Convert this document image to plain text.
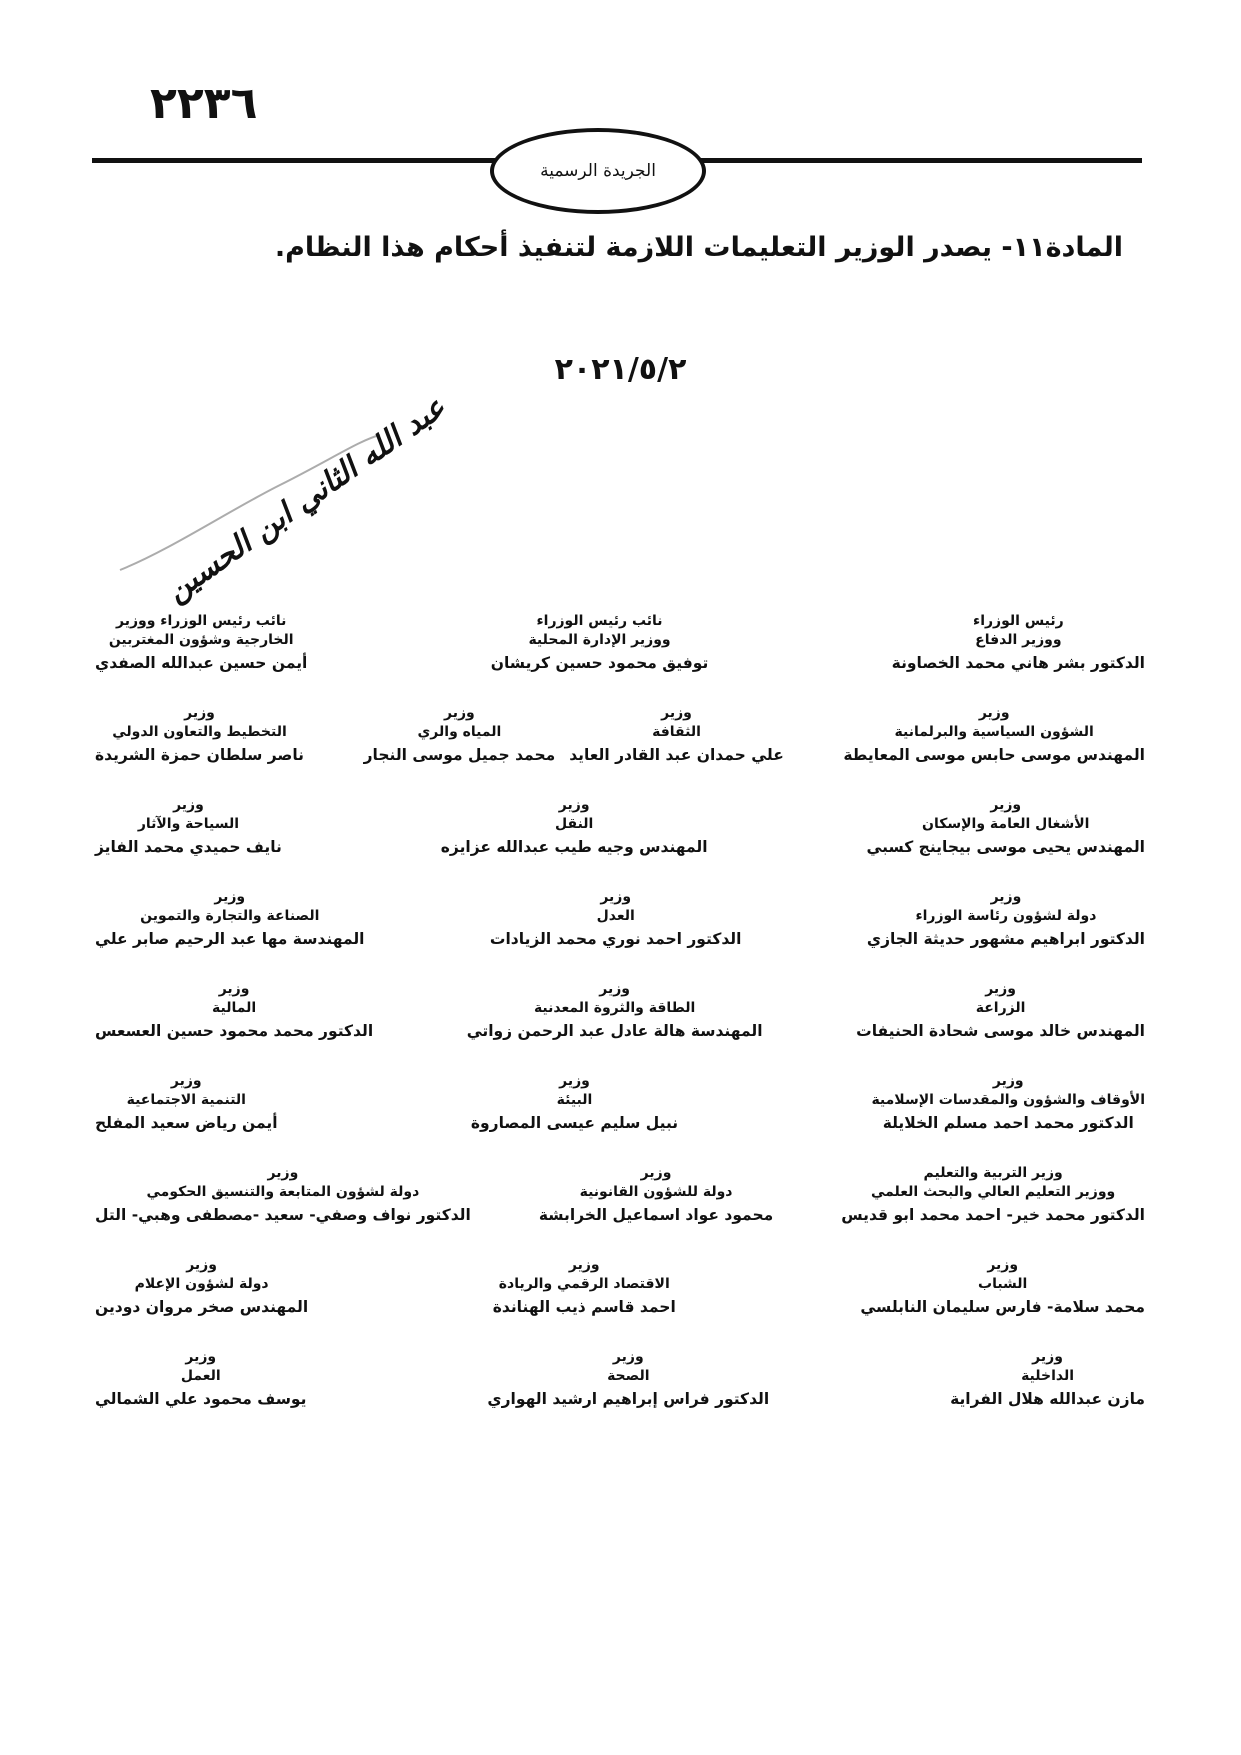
٢٢٣٦
الجريدة الرسمية
المادة١١- يصدر الوزير التعليمات اللازمة لتنفيذ أحكام هذا النظام.
٢٠٢١/٥/٢
عبد الله الثاني ابن الحسين
نائب رئيس الوزراء ووزير
الخارجية وشؤون المغتربين
أيمن حسين عبدالله الصفدي
نائب رئيس الوزراء
ووزير الإدارة المحلية
توفيق محمود حسين كريشان
رئيس الوزراء
ووزير الدفاع
الدكتور بشر هاني محمد الخصاونة
وزير
التخطيط والتعاون الدولي
ناصر سلطان حمزة الشريدة
وزير
الثقافة
علي حمدان عبد القادر العايد
وزير
المياه والري
محمد جميل موسى النجار
وزير
الشؤون السياسية والبرلمانية
المهندس موسى حابس موسى المعايطة
وزير
السياحة والآثار
نايف حميدي محمد الفايز
وزير
النقل
المهندس وجيه طيب عبدالله عزايزه
وزير
الأشغال العامة والإسكان
المهندس يحيى موسى بيجاينج كسبي
وزير
الصناعة والتجارة والتموين
المهندسة مها عبد الرحيم صابر علي
وزير
العدل
الدكتور احمد نوري محمد الزيادات
وزير
دولة لشؤون رئاسة الوزراء
الدكتور ابراهيم مشهور حديثة الجازي
وزير
المالية
الدكتور محمد محمود حسين العسعس
وزير
الطاقة والثروة المعدنية
المهندسة هالة عادل عبد الرحمن زواتي
وزير
الزراعة
المهندس خالد موسى شحادة الحنيفات
وزير
التنمية الاجتماعية
أيمن رياض سعيد المفلح
وزير
البيئة
نبيل سليم عيسى المصاروة
وزير
الأوقاف والشؤون والمقدسات الإسلامية
الدكتور محمد احمد مسلم الخلايلة
وزير
دولة لشؤون المتابعة والتنسيق الحكومي
الدكتور نواف وصفي- سعيد -مصطفى وهبي- التل
وزير
دولة للشؤون القانونية
محمود عواد اسماعيل الخرابشة
وزير التربية والتعليم
ووزير التعليم العالي والبحث العلمي
الدكتور محمد خير- احمد محمد ابو قديس
وزير
دولة لشؤون الإعلام
المهندس صخر مروان دودين
وزير
الاقتصاد الرقمي والريادة
احمد قاسم ذيب الهناندة
وزير
الشباب
محمد سلامة- فارس سليمان النابلسي
وزير
العمل
يوسف محمود علي الشمالي
وزير
الصحة
الدكتور فراس إبراهيم ارشيد الهواري
وزير
الداخلية
مازن عبدالله هلال الفراية
